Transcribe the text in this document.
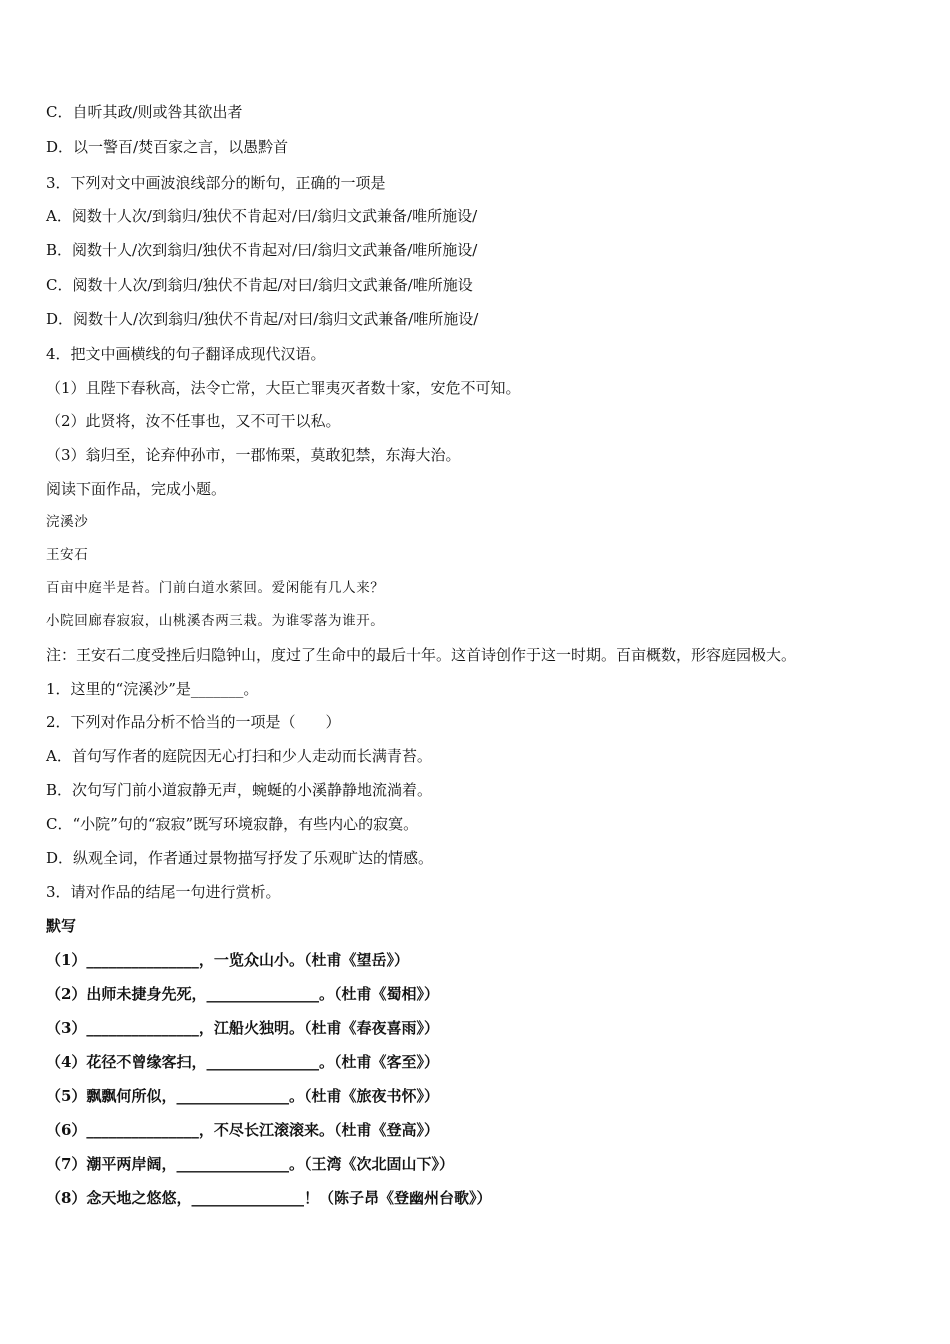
C．自听其政/则或咎其欲出者
D．以一警百/焚百家之言，以愚黔首
3．下列对文中画波浪线部分的断句，正确的一项是
A．阅数十人次/到翁归/独伏不肯起对/曰/翁归文武兼备/唯所施设/
B．阅数十人/次到翁归/独伏不肯起对/曰/翁归文武兼备/唯所施设/
C．阅数十人次/到翁归/独伏不肯起/对曰/翁归文武兼备/唯所施设
D．阅数十人/次到翁归/独伏不肯起/对曰/翁归文武兼备/唯所施设/
4．把文中画横线的句子翻译成现代汉语。
（1）且陛下春秋高，法令亡常，大臣亡罪夷灭者数十家，安危不可知。
（2）此贤将，汝不任事也，又不可干以私。
（3）翁归至，论弃仲孙市，一郡怖栗，莫敢犯禁，东海大治。
阅读下面作品，完成小题。
浣溪沙
王安石
百亩中庭半是苔。门前白道水萦回。爱闲能有几人来？
小院回廊春寂寂，山桃溪杏两三栽。为谁零落为谁开。
注：王安石二度受挫后归隐钟山，度过了生命中的最后十年。这首诗创作于这一时期。百亩概数，形容庭园极大。
1．这里的“浣溪沙”是_______。
2．下列对作品分析不恰当的一项是（　　）
A．首句写作者的庭院因无心打扫和少人走动而长满青苔。
B．次句写门前小道寂静无声，蜿蜒的小溪静静地流淌着。
C．“小院”句的“寂寂”既写环境寂静，有些内心的寂寞。
D．纵观全词，作者通过景物描写抒发了乐观旷达的情感。
3．请对作品的结尾一句进行赏析。
默写
（1）_______________，一览众山小。（杜甫《望岳》）
（2）出师未捷身先死，_______________。（杜甫《蜀相》）
（3）_______________，江船火独明。（杜甫《春夜喜雨》）
（4）花径不曾缘客扫，_______________。（杜甫《客至》）
（5）飘飘何所似，_______________。（杜甫《旅夜书怀》）
（6）_______________，不尽长江滚滚来。（杜甫《登高》）
（7）潮平两岸阔，_______________。（王湾《次北固山下》）
（8）念天地之悠悠，_______________！（陈子昂《登幽州台歌》）
